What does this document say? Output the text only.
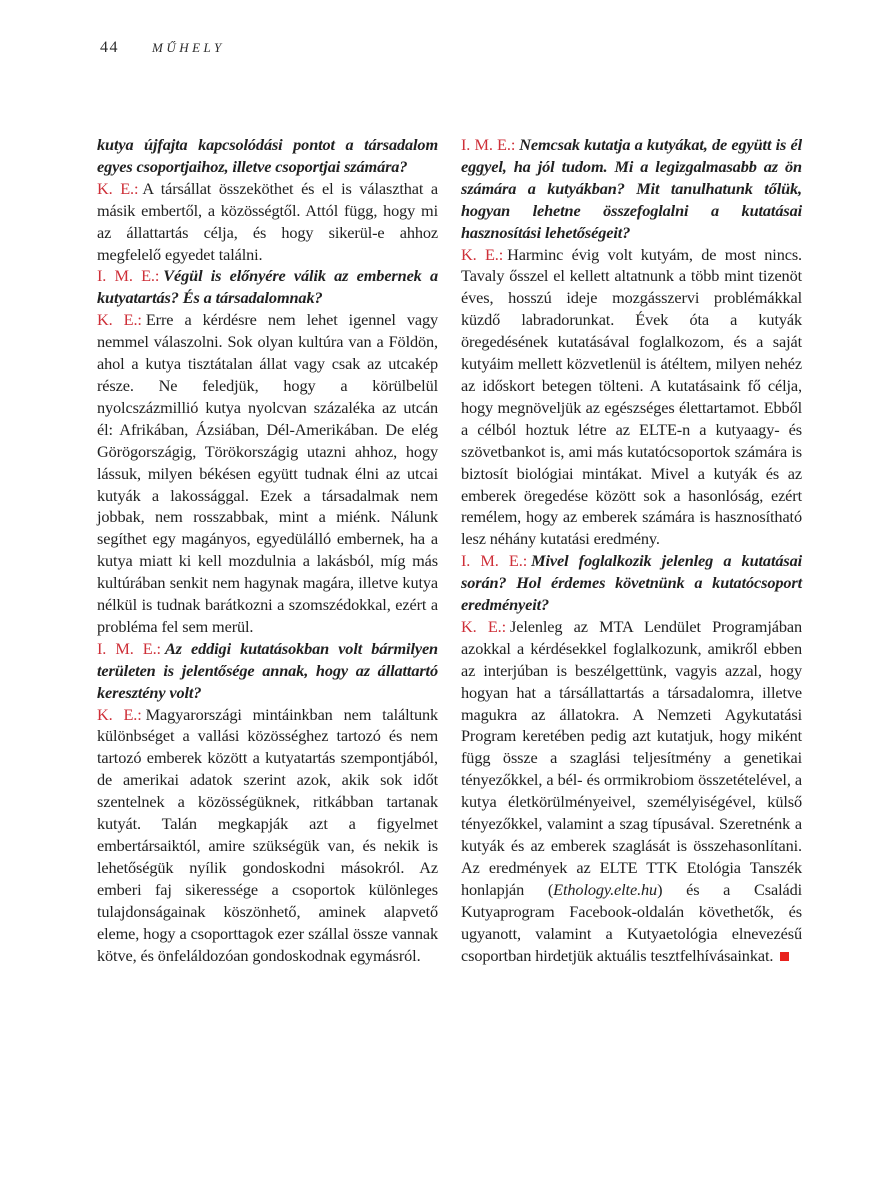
44	MŰHELY

kutya újfajta kapcsolódási pontot a társadalom egyes csoportjaihoz, illetve csoportjai számára?

K. E.: A társállat összeköthet és el is választhat a másik embertől, a közösségtől. Attól függ, hogy mi az állattartás célja, és hogy sikerül-e ahhoz megfelelő egyedet találni.

I. M. E.: Végül is előnyére válik az embernek a kutyatartás? És a társadalomnak?

K. E.: Erre a kérdésre nem lehet igennel vagy nemmel válaszolni. Sok olyan kultúra van a Földön, ahol a kutya tisztátalan állat vagy csak az utcakép része. Ne feledjük, hogy a körülbelül nyolcszázmillió kutya nyolcvan százaléka az utcán él: Afrikában, Ázsiában, Dél-Amerikában. De elég Görögországig, Törökországig utazni ahhoz, hogy lássuk, milyen békésen együtt tudnak élni az utcai kutyák a lakossággal. Ezek a társadalmak nem jobbak, nem rosszabbak, mint a miénk. Nálunk segíthet egy magányos, egyedülálló embernek, ha a kutya miatt ki kell mozdulnia a lakásból, míg más kultúrában senkit nem hagynak magára, illetve kutya nélkül is tudnak barátkozni a szomszédokkal, ezért a probléma fel sem merül.

I. M. E.: Az eddigi kutatásokban volt bármilyen területen is jelentősége annak, hogy az állattartó keresztény volt?

K. E.: Magyarországi mintáinkban nem találtunk különbséget a vallási közösséghez tartozó és nem tartozó emberek között a kutyatartás szempontjából, de amerikai adatok szerint azok, akik sok időt szentelnek a közösségüknek, ritkábban tartanak kutyát. Talán megkapják azt a figyelmet embertársaiktól, amire szükségük van, és nekik is lehetőségük nyílik gondoskodni másokról. Az emberi faj sikeressége a csoportok különleges tulajdonságainak köszönhető, aminek alapvető eleme, hogy a csoporttagok ezer szállal össze vannak kötve, és önfeláldozóan gondoskodnak egymásról.

I. M. E.: Nemcsak kutatja a kutyákat, de együtt is él eggyel, ha jól tudom. Mi a legizgalmasabb az ön számára a kutyákban? Mit tanulhatunk tőlük, hogyan lehetne összefoglalni a kutatásai hasznosítási lehetőségeit?

K. E.: Harminc évig volt kutyám, de most nincs. Tavaly ősszel el kellett altatnunk a több mint tizenöt éves, hosszú ideje mozgásszervi problémákkal küzdő labradorunkat. Évek óta a kutyák öregedésének kutatásával foglalkozom, és a saját kutyáim mellett közvetlenül is átéltem, milyen nehéz az időskort betegen tölteni. A kutatásaink fő célja, hogy megnöveljük az egészséges élettartamot. Ebből a célból hoztuk létre az ELTE-n a kutyaagy- és szövetbankot is, ami más kutatócsoportok számára is biztosít biológiai mintákat. Mivel a kutyák és az emberek öregedése között sok a hasonlóság, ezért remélem, hogy az emberek számára is hasznosítható lesz néhány kutatási eredmény.

I. M. E.: Mivel foglalkozik jelenleg a kutatásai során? Hol érdemes követnünk a kutatócsoport eredményeit?

K. E.: Jelenleg az MTA Lendület Programjában azokkal a kérdésekkel foglalkozunk, amikről ebben az interjúban is beszélgettünk, vagyis azzal, hogy hogyan hat a társállattartás a társadalomra, illetve magukra az állatokra. A Nemzeti Agykutatási Program keretében pedig azt kutatjuk, hogy miként függ össze a szaglási teljesítmény a genetikai tényezőkkel, a bél- és orrmikrobiom összetételével, a kutya életkörülményeivel, személyiségével, külső tényezőkkel, valamint a szag típusával. Szeretnénk a kutyák és az emberek szaglását is összehasonlítani. Az eredmények az ELTE TTK Etológia Tanszék honlapján (Ethology.elte.hu) és a Családi Kutyaprogram Facebook-oldalán követhetők, és ugyanott, valamint a Kutyaetológia elnevezésű csoportban hirdetjük aktuális tesztfelhívásainkat.
